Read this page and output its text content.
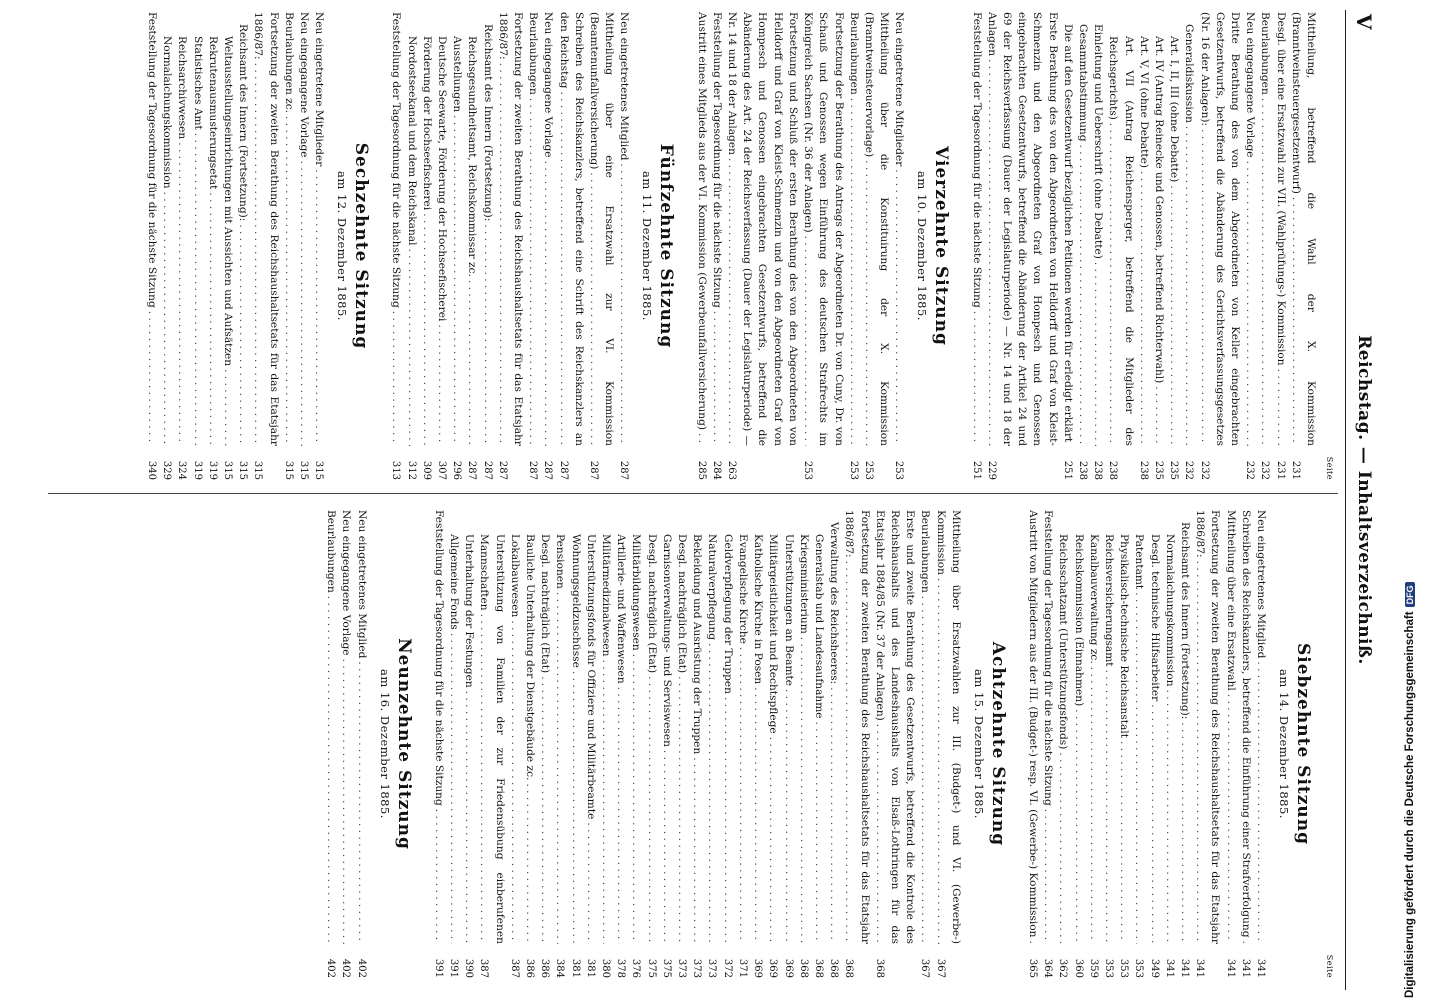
V
Reichstag. — Inhaltsverzeichniß.
Seite
Mittheilung, betreffend die Wahl der X. Kommission (Branntweinsteuergesetzentwurf) . . .
231
Desgl. über eine Ersatzwahl zur VII. (Wahlprüfungs-) Kommission . . .
231
Beurlaubungen . . .
232
Neu eingegangene Vorlage . . .
232
Dritte Berathung des von dem Abgeordneten von Keller eingebrachten Gesetzentwurfs, betreffend die Abänderung des Gerichtsverfassungsgesetzes (Nr. 16 der Anlagen): . . .
232
Generaldiskussion . . .
232
Art. I, II, III (ohne Debatte) . . .
235
Art. IV (Antrag Reinecke und Genossen, betreffend Richterwahl) . . .
235
Art. V, VI (ohne Debatte) . . .
238
Art. VII (Antrag Reichensperger, betreffend die Mitglieder des Reichsgerichts) . . .
238
Einleitung und Ueberschrift (ohne Debatte) . . .
238
Gesammtabstimmung . . .
238
Die auf den Gesetzentwurf bezüglichen Petitionen werden für erledigt erklärt . . .
251
Erste Berathung des von den Abgeordneten von Helldorff und Graf von Kleist-Schmenzin und den Abgeordneten Graf von Hompesch und Genossen eingebrachten Gesetzentwurfs, betreffend die Abänderung der Artikel 24 und 69 der Reichsverfassung (Dauer der Legislaturperiode) — Nr. 14 und 18 der Anlagen . . .
229
Feststellung der Tagesordnung für die nächste Sitzung . . .
251
Vierzehnte Sitzung
am 10. Dezember 1885.
Neu eingetretene Mitglieder . . .
253
Mittheilung über die Konstituirung der X. Kommission (Branntweinsteuervorlage) . . .
253
Beurlaubungen . . .
253
Fortsetzung der Berathung des Antrags der Abgeordneten Dr. von Cuny, Dr. von Schauß und Genossen wegen Einführung des deutschen Strafrechts im Königreich Sachsen (Nr. 36 der Anlagen) . . .
253
Fortsetzung und Schluß der ersten Berathung des von den Abgeordneten von Helldorff und Graf von Kleist-Schmenzin und von den Abgeordneten Graf von Hompesch und Genossen eingebrachten Gesetzentwurfs, betreffend die Abänderung des Art. 24 der Reichsverfassung (Dauer der Legislaturperiode) — Nr. 14 und 18 der Anlagen . . .
263
Feststellung der Tagesordnung für die nächste Sitzung . . .
284
Austritt eines Mitglieds aus der VI. Kommission (Gewerbeunfallversicherung) . . .
285
Fünfzehnte Sitzung
am 11. Dezember 1885.
Neu eingetretenes Mitglied . . .
287
Mittheilung über eine Ersatzwahl zur VI. Kommission (Beamtenunfallversicherung) . . .
287
Schreiben des Reichskanzlers, betreffend eine Schrift des Reichskanzlers an den Reichstag . . .
287
Neu eingegangene Vorlage . . .
287
Beurlaubungen . . .
287
Fortsetzung der zweiten Berathung des Reichshaushaltsetats für das Etatsjahr 1886/87: . . .
287
Reichsamt des Innern (Fortsetzung): . . .
287
Reichsgesundheitsamt, Reichskommissar zc. . . .
287
Ausstellungen . . .
296
Deutsche Seewarte, Förderung der Hochseefischerei . . .
307
Förderung der Hochseefischerei . . .
309
Nordostseekanal und dem Reichskanal . . .
312
Feststellung der Tagesordnung für die nächste Sitzung . . .
313
Sechzehnte Sitzung
am 12. Dezember 1885.
Neu eingetretene Mitglieder . . .
315
Neu eingegangene Vorlage . . .
315
Beurlaubungen zc. . . .
315
Fortsetzung der zweiten Berathung des Reichshaushaltsetats für das Etatsjahr 1886/87: . . .
315
Reichsamt des Innern (Fortsetzung): . . .
315
Weltausstellungseinrichtungen mit Aussichten und Aufsätzen . . .
315
Rekrutenausmusterungsetat . . .
319
Statistisches Amt . . .
319
Reichsarchivwesen . . .
324
Normalaichungskommission . . .
329
Feststellung der Tagesordnung für die nächste Sitzung . . .
340
Seite
Siebzehnte Sitzung
am 14. Dezember 1885.
Neu eingetretenes Mitglied . . .
341
Schreiben des Reichskanzlers, betreffend die Einführung einer Strafverfolgung . . .
341
Mittheilung über eine Ersatzwahl . . .
341
Fortsetzung der zweiten Berathung des Reichshaushaltsetats für das Etatsjahr 1886/87: . . .
341
Reichsamt des Innern (Fortsetzung): . . .
341
Normalaichungskommission . . .
341
Desgl. technische Hilfsarbeiter . . .
349
Patentamt . . .
353
Physikalisch-technische Reichsanstalt . . .
353
Reichsversicherungsamt . . .
353
Kanalbauverwaltung zc. . . .
359
Reichskommission (Einnahmen) . . .
360
Reichsschatzamt (Unterstützungsfonds) . . .
362
Feststellung der Tagesordnung für die nächste Sitzung . . .
364
Austritt von Mitgliedern aus der III. (Budget-) resp. VI. (Gewerbe-) Kommission . . .
365
Achtzehnte Sitzung
am 15. Dezember 1885.
Mittheilung über Ersatzwahlen zur III. (Budget-) und VI. (Gewerbe-) Kommission . . .
367
Beurlaubungen . . .
367
Erste und zweite Berathung des Gesetzentwurfs, betreffend die Kontrole des Reichshaushalts und des Landeshaushalts von Elsaß-Lothringen für das Etatsjahr 1884/85 (Nr. 37 der Anlagen) . . .
368
Fortsetzung der zweiten Berathung des Reichshaushaltsetats für das Etatsjahr 1886/87: . . .
368
Verwaltung des Reichsheeres: . . .
368
Generalstab und Landesaufnahme . . .
368
Kriegsministerium . . .
368
Unterstützungen an Beamte . . .
369
Militärgeistlichkeit und Rechtspflege . . .
369
Katholische Kirche in Posen . . .
369
Evangelische Kirche . . .
371
Geldverpflegung der Truppen . . .
372
Naturalverpflegung . . .
373
Bekleidung und Ausrüstung der Truppen . . .
373
Desgl. nachträglich (Etat) . . .
373
Garnisonverwaltungs- und Serviswesen . . .
375
Desgl. nachträglich (Etat) . . .
375
Militärbildungswesen . . .
376
Artillerie- und Waffenwesen . . .
378
Militärmedizinalwesen . . .
380
Unterstützungsfonds für Offiziere und Militärbeamte . . .
381
Wohnungsgeldzuschüsse . . .
381
Pensionen . . .
384
Desgl. nachträglich (Etat) . . .
386
Bauliche Unterhaltung der Dienstgebäude zc. . . .
386
Lokalbauwesen . . .
387
Unterstützung von Familien der zur Friedensübung einberufenen Mannschaften . . .
387
Unterhaltung der Festungen . . .
390
Allgemeine Fonds . . .
391
Feststellung der Tagesordnung für die nächste Sitzung . . .
391
Neunzehnte Sitzung
am 16. Dezember 1885.
Neu eingetretenes Mitglied . . .
402
Neu eingegangene Vorlage . . .
402
Beurlaubungen . . .
402	Digitalisierung gefördert durch die Deutsche ForschungsgemeinschaftDFG
